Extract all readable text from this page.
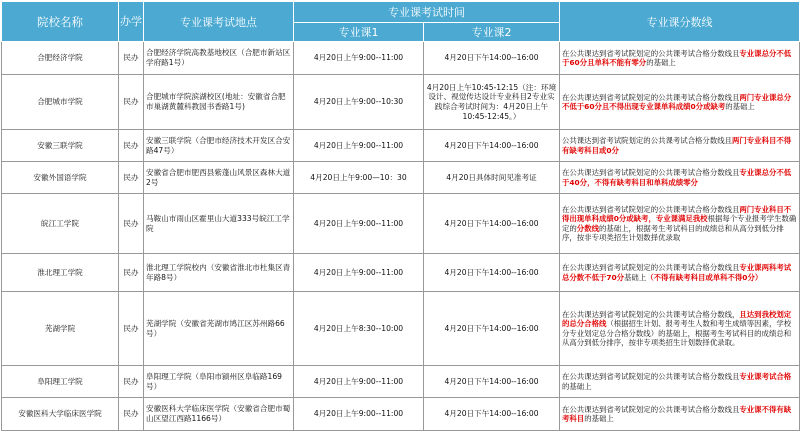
院校名称	办学	专业课考试地点	专业课考试时间		专业课分数线
			专业课1	专业课2	
合肥经济学院	民办	合肥经济学院高教基地校区（合肥市新站区学府路1号）	4月20日上午9:00--11:00	4月20日下午14:00--16:00	在公共课达到省考试院划定的公共课考试合格分数线且专业课总分不低于60分且单科不能有零分的基础上
合肥城市学院	民办	合肥城市学院滨湖校区(地址：安徽省合肥市巢湖黄麓科教园书香路1号)	4月20日上午9:00--10:30	4月20日上午10:45-12:15（注：环境设计、视觉传达设计专业科目2专业实践综合考试时间为：4月20日上午10:45-12:45。）	在公共课达到省考试院划定的公共课考试合格分数线且两门专业课总分不低于60分且不得出现专业课单科成绩0分或缺考的基础上
安徽三联学院	民办	安徽三联学院（合肥市经济技术开发区合安路47号）	4月20日上午9:00--11:00	4月20日下午14:00--16:00	公共课达到省考试院划定的公共课考试合格分数线且两门专业科目不得有缺考科目或0分
安徽外国语学院	民办	安徽省合肥市肥西县紫蓬山风景区森林大道2号	4月20日上午9:00—10：30	4月20日具体时间见准考证	在公共课达到省考试院划定的公共课考试合格分数线且专业课总分不低于40分，不得有缺考科目和单科成绩零分
皖江工学院	民办	马鞍山市雨山区霍里山大道333号皖江工学院	4月20日上午9:00--11:00	4月20日下午14:00--16:00	在公共课达到省考试院划定的公共课考试合格分数线且两门专业科目不得出现单科成绩0分或缺考，专业课满足我校根据每个专业报考学生数确定的分数线的基础上，根据考生考试科目的成绩总和从高分到低分排序，按非专项类招生计划数择优录取
淮北理工学院	民办	淮北理工学院校内（安徽省淮北市杜集区青年路8号）	4月20日上午9:00--11:00	4月20日下午14:00--16:00	在公共课达到省考试院划定的公共课考试合格分数线且专业课两科考试总分数不低于70分基础上（不得有缺考科目或单科不得0分）
芜湖学院	民办	芜湖学院（安徽省芜湖市鸠江区苏州路66号）	4月20日上午8:30--10:00	4月20日下午14:00--16:00	在公共课达到省考试院划定的公共课考试合格分数线，且达到我校划定的总分合格线（根据招生计划、报考考生人数和考生成绩等因素，学校分专业划定总分合格分数线）的基础上，根据考生考试科目的成绩总和从高分到低分排序，按非专项类招生计划数择优录取。
阜阳理工学院	民办	阜阳理工学院（阜阳市颍州区阜临路169号）	4月20日上午9:00--11:00	4月20日下午14:00--16:00	在公共课达到省考试院划定的公共课考试合格分数线且专业课考试合格的基础上
安徽医科大学临床医学院	民办	安徽医科大学临床医学院（安徽省合肥市蜀山区望江西路1166号）	4月20日上午9:00--11:00	4月20日下午14:00--16:00	在公共课达到省考试院划定的公共课考试合格分数线且专业课不得有缺考科目的基础上
